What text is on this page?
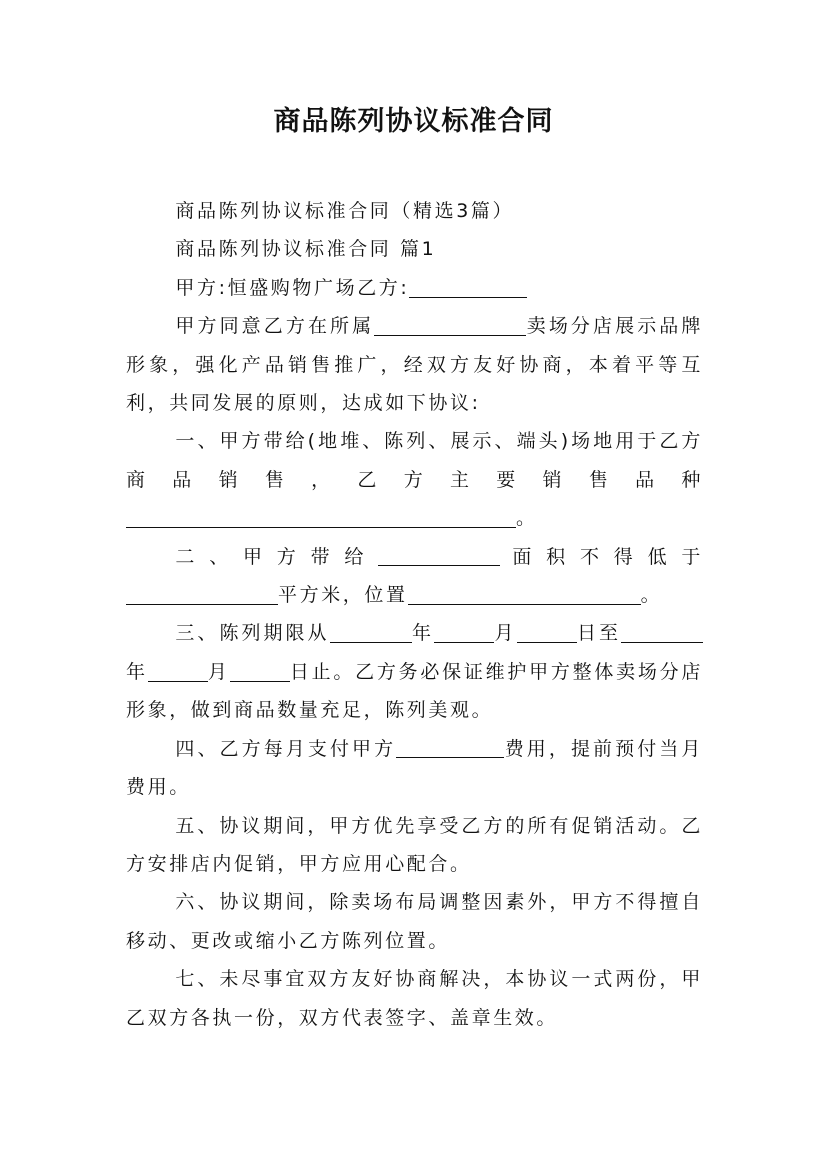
商品陈列协议标准合同

商品陈列协议标准合同（精选3篇）

商品陈列协议标准合同 篇1

甲方:恒盛购物广场乙方:

甲方同意乙方在所属	卖场分店展示品牌形象，强化产品销售推广，经双方友好协商，本着平等互利，共同发展的原则，达成如下协议:

一、甲方带给(地堆、陈列、展示、端头)场地用于乙方商品销售，乙方主要销售品种

。

二、甲方带给	面积不得低于平方米，位置	。

三、陈列期限从	年	月	日至年	月	日止。乙方务必保证维护甲方整体卖场分店形象，做到商品数量充足，陈列美观。

四、乙方每月支付甲方	费用，提前预付当月费用。

五、协议期间，甲方优先享受乙方的所有促销活动。乙方安排店内促销，甲方应用心配合。

六、协议期间，除卖场布局调整因素外，甲方不得擅自移动、更改或缩小乙方陈列位置。

七、未尽事宜双方友好协商解决，本协议一式两份，甲乙双方各执一份，双方代表签字、盖章生效。
